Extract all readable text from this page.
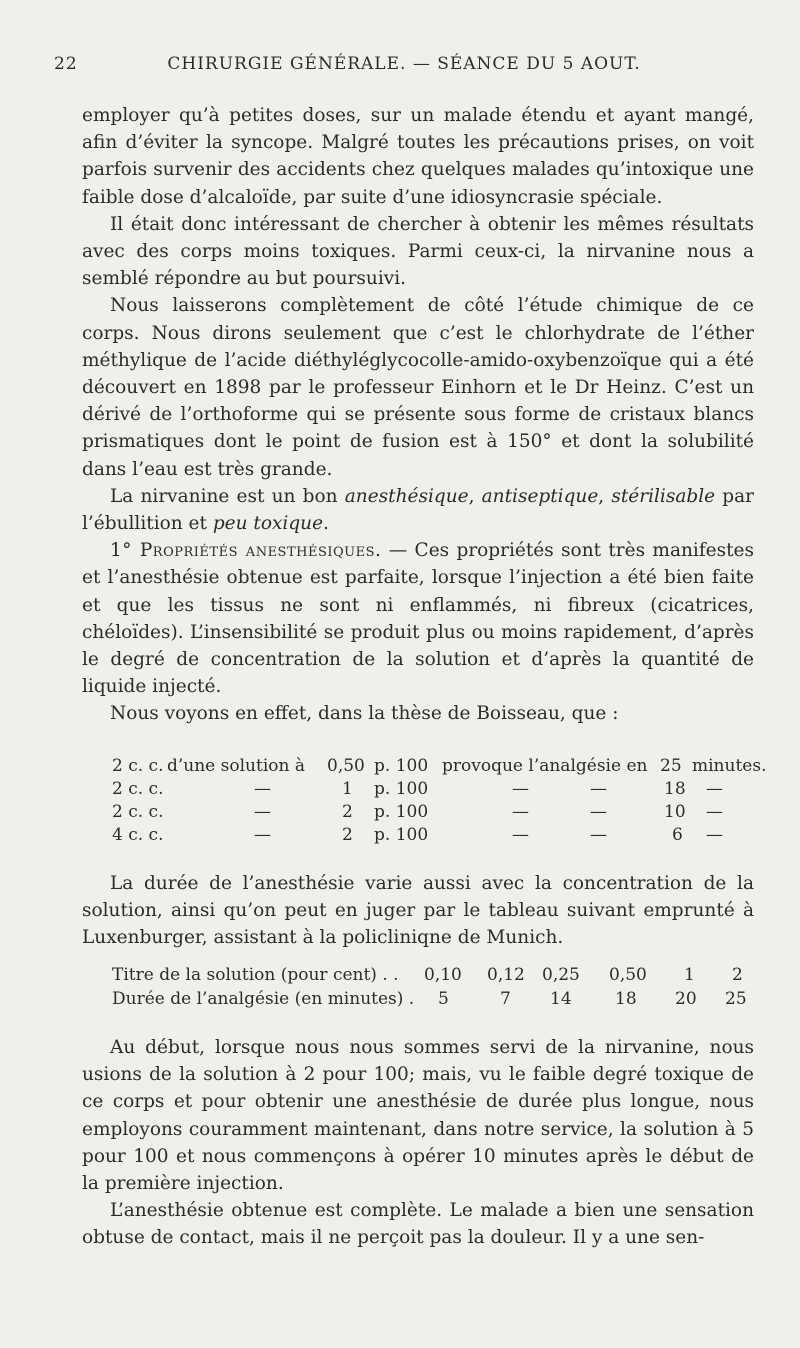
22	CHIRURGIE GÉNÉRALE. — SÉANCE DU 5 AOUT.

employer qu’à petites doses, sur un malade étendu et ayant mangé, afin d’éviter la syncope. Malgré toutes les précautions prises, on voit parfois survenir des accidents chez quelques malades qu’intoxique une faible dose d’alcaloïde, par suite d’une idiosyncrasie spéciale.

Il était donc intéressant de chercher à obtenir les mêmes résultats avec des corps moins toxiques. Parmi ceux-ci, la nirvanine nous a semblé répondre au but poursuivi.

Nous laisserons complètement de côté l’étude chimique de ce corps. Nous dirons seulement que c’est le chlorhydrate de l’éther méthylique de l’acide diéthyléglycocolle-amido-oxybenzoïque qui a été découvert en 1898 par le professeur Einhorn et le Dr Heinz. C’est un dérivé de l’orthoforme qui se présente sous forme de cristaux blancs prismatiques dont le point de fusion est à 150° et dont la solubilité dans l’eau est très grande.

La nirvanine est un bon anesthésique, antiseptique, stérilisable par l’ébullition et peu toxique.

1° Propriétés anesthésiques. — Ces propriétés sont très manifestes et l’anesthésie obtenue est parfaite, lorsque l’injection a été bien faite et que les tissus ne sont ni enflammés, ni fibreux (cicatrices, chéloïdes). L’insensibilité se produit plus ou moins rapidement, d’après le degré de concentration de la solution et d’après la quantité de liquide injecté.

Nous voyons en effet, dans la thèse de Boisseau, que :

2 c. c. d’une solution à 0,50 p. 100 provoque l’analgésie en 25 minutes.
2 c. c.	—	1 p. 100	—	—	18 —
2 c. c.	—	2 p. 100	—	—	10 —
4 c. c.	—	2 p. 100	—	—	6 —

La durée de l’anesthésie varie aussi avec la concentration de la solution, ainsi qu’on peut en juger par le tableau suivant emprunté à Luxenburger, assistant à la policliniqne de Munich.

Titre de la solution (pour cent) . . 0,10 0,12 0,25 0,50 1 2
Durée de l’analgésie (en minutes) . 5	7 14	18 20 25

Au début, lorsque nous nous sommes servi de la nirvanine, nous usions de la solution à 2 pour 100; mais, vu le faible degré toxique de ce corps et pour obtenir une anesthésie de durée plus longue, nous employons couramment maintenant, dans notre service, la solution à 5 pour 100 et nous commençons à opérer 10 minutes après le début de la première injection.

L’anesthésie obtenue est complète. Le malade a bien une sensation obtuse de contact, mais il ne perçoit pas la douleur. Il y a une sen-
